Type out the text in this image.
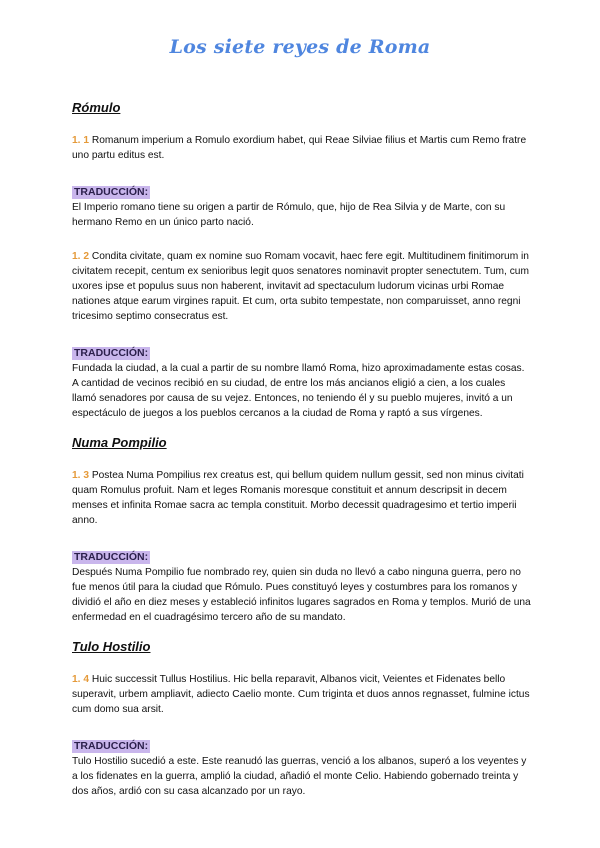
Los siete reyes de Roma
Rómulo

1. 1 Romanum imperium a Romulo exordium habet, qui Reae Silviae filius et Martis cum Remo fratre uno partu editus est.

TRADUCCIÓN:

El Imperio romano tiene su origen a partir de Rómulo, que, hijo de Rea Silvia y de Marte, con su hermano Remo en un único parto nació.

1. 2 Condita civitate, quam ex nomine suo Romam vocavit, haec fere egit. Multitudinem finitimorum in civitatem recepit, centum ex senioribus legit quos senatores nominavit propter senectutem. Tum, cum uxores ipse et populus suus non haberent, invitavit ad spectaculum ludorum vicinas urbi Romae nationes atque earum virgines rapuit. Et cum, orta subito tempestate, non comparuisset, anno regni tricesimo septimo consecratus est.

TRADUCCIÓN:

Fundada la ciudad, a la cual a partir de su nombre llamó Roma, hizo aproximadamente estas cosas. A cantidad de vecinos recibió en su ciudad, de entre los más ancianos eligió a cien, a los cuales llamó senadores por causa de su vejez. Entonces, no teniendo él y su pueblo mujeres, invitó a un espectáculo de juegos a los pueblos cercanos a la ciudad de Roma y raptó a sus vírgenes.

Numa Pompilio

1. 3 Postea Numa Pompilius rex creatus est, qui bellum quidem nullum gessit, sed non minus civitati quam Romulus profuit. Nam et leges Romanis moresque constituit et annum descripsit in decem menses et infinita Romae sacra ac templa constituit. Morbo decessit quadragesimo et tertio imperii anno.

TRADUCCIÓN:

Después Numa Pompilio fue nombrado rey, quien sin duda no llevó a cabo ninguna guerra, pero no fue menos útil para la ciudad que Rómulo. Pues constituyó leyes y costumbres para los romanos y dividió el año en diez meses y estableció infinitos lugares sagrados en Roma y templos. Murió de una enfermedad en el cuadragésimo tercero año de su mandato.

Tulo Hostilio

1. 4 Huic successit Tullus Hostilius. Hic bella reparavit, Albanos vicit, Veientes et Fidenates bello superavit, urbem ampliavit, adiecto Caelio monte. Cum triginta et duos annos regnasset, fulmine ictus cum domo sua arsit.

TRADUCCIÓN:

Tulo Hostilio sucedió a este. Este reanudó las guerras, venció a los albanos, superó a los veyentes y a los fidenates en la guerra, amplió la ciudad, añadió el monte Celio. Habiendo gobernado treinta y dos años, ardió con su casa alcanzado por un rayo.
